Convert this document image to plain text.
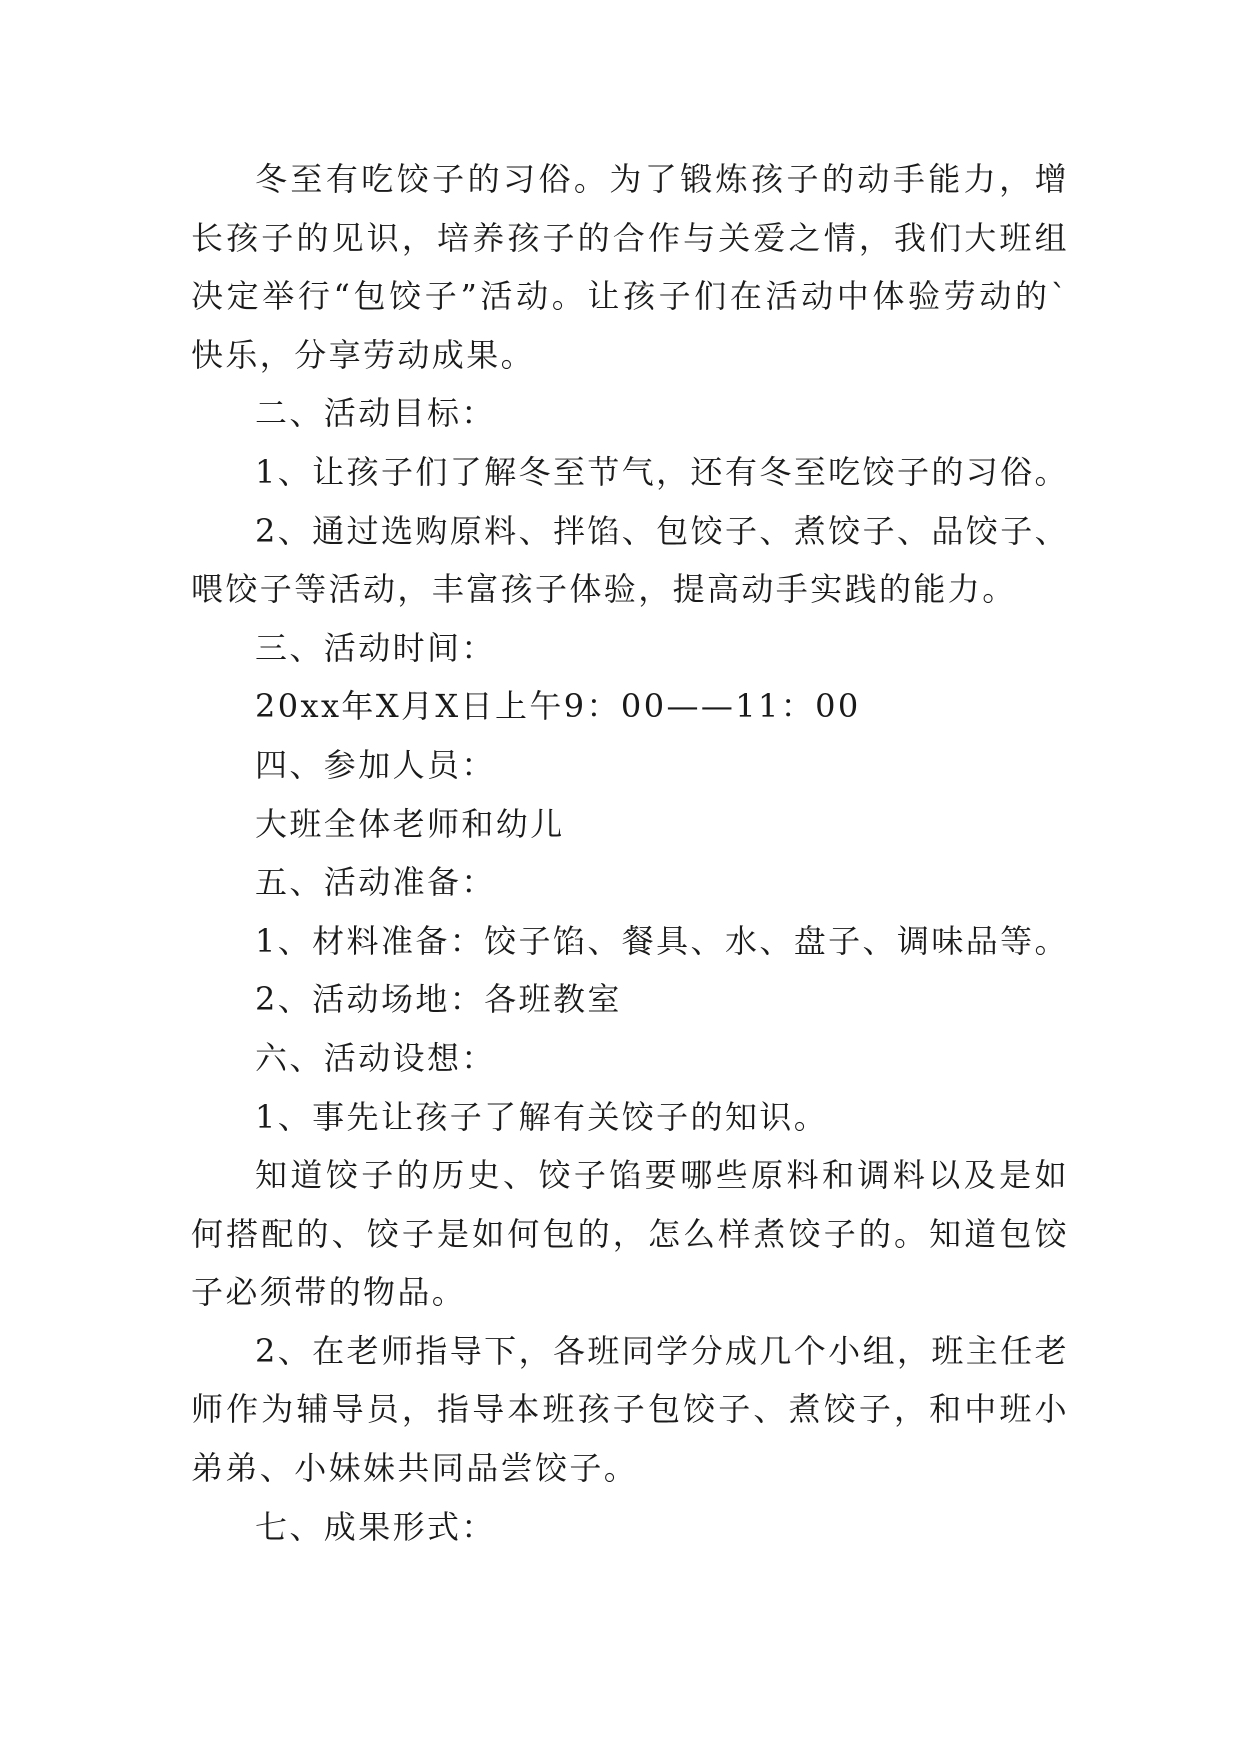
冬至有吃饺子的习俗。为了锻炼孩子的动手能力，增长孩子的见识，培养孩子的合作与关爱之情，我们大班组决定举行“包饺子”活动。让孩子们在活动中体验劳动的`快乐，分享劳动成果。

二、活动目标：

1、让孩子们了解冬至节气，还有冬至吃饺子的习俗。

2、通过选购原料、拌馅、包饺子、煮饺子、品饺子、喂饺子等活动，丰富孩子体验，提高动手实践的能力。

三、活动时间：

20xx年X月X日上午9：00——11：00

四、参加人员：

大班全体老师和幼儿

五、活动准备：

1、材料准备：饺子馅、餐具、水、盘子、调味品等。

2、活动场地：各班教室

六、活动设想：

1、事先让孩子了解有关饺子的知识。

知道饺子的历史、饺子馅要哪些原料和调料以及是如何搭配的、饺子是如何包的，怎么样煮饺子的。知道包饺子必须带的物品。

2、在老师指导下，各班同学分成几个小组，班主任老师作为辅导员，指导本班孩子包饺子、煮饺子，和中班小弟弟、小妹妹共同品尝饺子。

七、成果形式：
